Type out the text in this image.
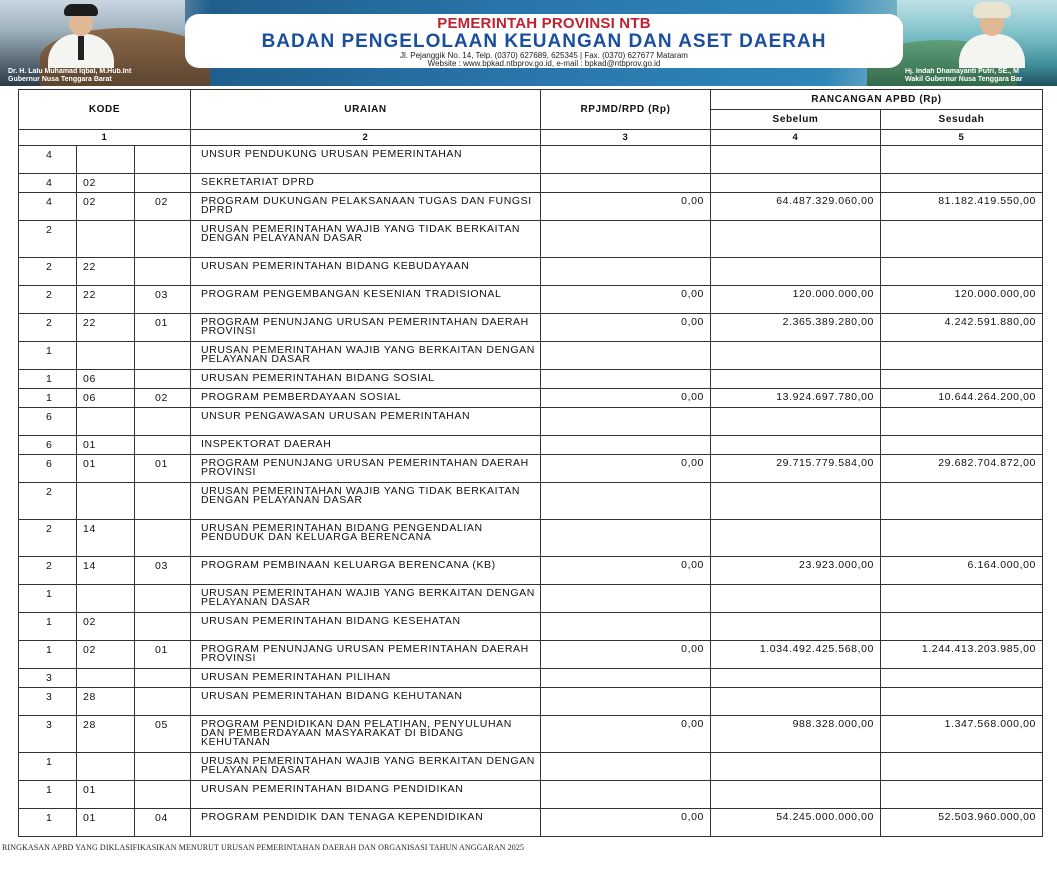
Dr. H. Lalu Muhamad Iqbal, M.Hub.Int
Gubernur Nusa Tenggara Barat
Hj. Indah Dhamayanti Putri, SE., M
Wakil Gubernur Nusa Tenggara Bar
PEMERINTAH PROVINSI NTB
BADAN PENGELOLAAN KEUANGAN DAN ASET DAERAH
Jl. Pejanggik No. 14, Telp. (0370) 627689, 625345 | Fax. (0370) 627677 Mataram
Website : www.bpkad.ntbprov.go.id, e-mail : bpkad@ntbprov.go.id
KODE			URAIAN	RPJMD/RPD (Rp)	RANCANGAN APBD (Rp)	
					Sebelum	Sesudah
1			2	3	4	5
4			UNSUR PENDUKUNG URUSAN PEMERINTAHAN			
4	02		SEKRETARIAT DPRD			
4	02	02	PROGRAM DUKUNGAN PELAKSANAAN TUGAS DAN FUNGSI DPRD	0,00	64.487.329.060,00	81.182.419.550,00
2			URUSAN PEMERINTAHAN WAJIB YANG TIDAK BERKAITAN DENGAN PELAYANAN DASAR			
2	22		URUSAN PEMERINTAHAN BIDANG KEBUDAYAAN			
2	22	03	PROGRAM PENGEMBANGAN KESENIAN TRADISIONAL	0,00	120.000.000,00	120.000.000,00
2	22	01	PROGRAM PENUNJANG URUSAN PEMERINTAHAN DAERAH PROVINSI	0,00	2.365.389.280,00	4.242.591.880,00
1			URUSAN PEMERINTAHAN WAJIB YANG BERKAITAN DENGAN PELAYANAN DASAR			
1	06		URUSAN PEMERINTAHAN BIDANG SOSIAL			
1	06	02	PROGRAM PEMBERDAYAAN SOSIAL	0,00	13.924.697.780,00	10.644.264.200,00
6			UNSUR PENGAWASAN URUSAN PEMERINTAHAN			
6	01		INSPEKTORAT DAERAH			
6	01	01	PROGRAM PENUNJANG URUSAN PEMERINTAHAN DAERAH PROVINSI	0,00	29.715.779.584,00	29.682.704.872,00
2			URUSAN PEMERINTAHAN WAJIB YANG TIDAK BERKAITAN DENGAN PELAYANAN DASAR			
2	14		URUSAN PEMERINTAHAN BIDANG PENGENDALIAN PENDUDUK DAN KELUARGA BERENCANA			
2	14	03	PROGRAM PEMBINAAN KELUARGA BERENCANA (KB)	0,00	23.923.000,00	6.164.000,00
1			URUSAN PEMERINTAHAN WAJIB YANG BERKAITAN DENGAN PELAYANAN DASAR			
1	02		URUSAN PEMERINTAHAN BIDANG KESEHATAN			
1	02	01	PROGRAM PENUNJANG URUSAN PEMERINTAHAN DAERAH PROVINSI	0,00	1.034.492.425.568,00	1.244.413.203.985,00
3			URUSAN PEMERINTAHAN PILIHAN			
3	28		URUSAN PEMERINTAHAN BIDANG KEHUTANAN			
3	28	05	PROGRAM PENDIDIKAN DAN PELATIHAN, PENYULUHAN DAN PEMBERDAYAAN MASYARAKAT DI BIDANG KEHUTANAN	0,00	988.328.000,00	1.347.568.000,00
1			URUSAN PEMERINTAHAN WAJIB YANG BERKAITAN DENGAN PELAYANAN DASAR			
1	01		URUSAN PEMERINTAHAN BIDANG PENDIDIKAN			
1	01	04	PROGRAM PENDIDIK DAN TENAGA KEPENDIDIKAN	0,00	54.245.000.000,00	52.503.960.000,00
RINGKASAN APBD YANG DIKLASIFIKASIKAN MENURUT URUSAN PEMERINTAHAN DAERAH DAN ORGANISASI TAHUN ANGGARAN 2025
